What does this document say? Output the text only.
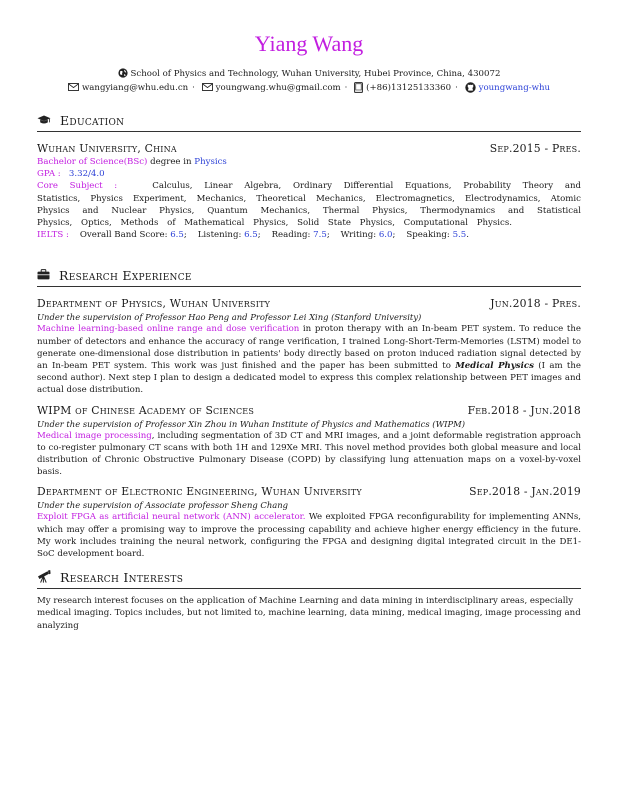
Yiang Wang
School of Physics and Technology, Wuhan University, Hubei Province, China, 430072
wangyiang@whu.edu.cn · youngwang.whu@gmail.com · (+86)13125133360 · youngwang-whu
Education
Wuhan University, China	Sep.2015 - Pres.
Bachelor of Science(BSc) degree in Physics
GPA : 3.32/4.0
Core Subject :	Calculus, Linear Algebra, Ordinary Differential Equations, Probability Theory and Statistics, Physics Experiment, Mechanics, Theoretical Mechanics, Electromagnetics, Electrodynamics, Atomic Physics and Nuclear Physics, Quantum Mechanics, Thermal Physics, Thermodynamics and Statistical Physics, Optics, Methods of Mathematical Physics, Solid State Physics, Computational Physics.
IELTS : Overall Band Score: 6.5;    Listening: 6.5;    Reading: 7.5;    Writing: 6.0;    Speaking: 5.5.
Research Experience
Department of Physics, Wuhan University	Jun.2018 - Pres.
Under the supervision of Professor Hao Peng and Professor Lei Xing (Stanford University)
Machine learning-based online range and dose verification in proton therapy with an In-beam PET system. To reduce the number of detectors and enhance the accuracy of range verification, I trained Long-Short-Term-Memories (LSTM) model to generate one-dimensional dose distribution in patients' body directly based on proton induced radiation signal detected by an In-beam PET system. This work was just finished and the paper has been submitted to Medical Physics (I am the second author). Next step I plan to design a dedicated model to express this complex relationship between PET images and actual dose distribution.
WIPM of Chinese Academy of Sciences	Feb.2018 - Jun.2018
Under the supervision of Professor Xin Zhou in Wuhan Institute of Physics and Mathematics (WIPM)
Medical image processing, including segmentation of 3D CT and MRI images, and a joint deformable registration approach to co-register pulmonary CT scans with both 1H and 129Xe MRI. This novel method provides both global measure and local distribution of Chronic Obstructive Pulmonary Disease (COPD) by classifying lung attenuation maps on a voxel-by-voxel basis.
Department of Electronic Engineering, Wuhan University	Sep.2018 - Jan.2019
Under the supervision of Associate professor Sheng Chang
Exploit FPGA as artificial neural network (ANN) accelerator. We exploited FPGA reconfigurability for implementing ANNs, which may offer a promising way to improve the processing capability and achieve higher energy efficiency in the future. My work includes training the neural network, configuring the FPGA and designing digital integrated circuit in the DE1-SoC development board.
Research Interests
My research interest focuses on the application of Machine Learning and data mining in interdisciplinary areas, especially medical imaging. Topics includes, but not limited to, machine learning, data mining, medical imaging, image processing and analyzing
